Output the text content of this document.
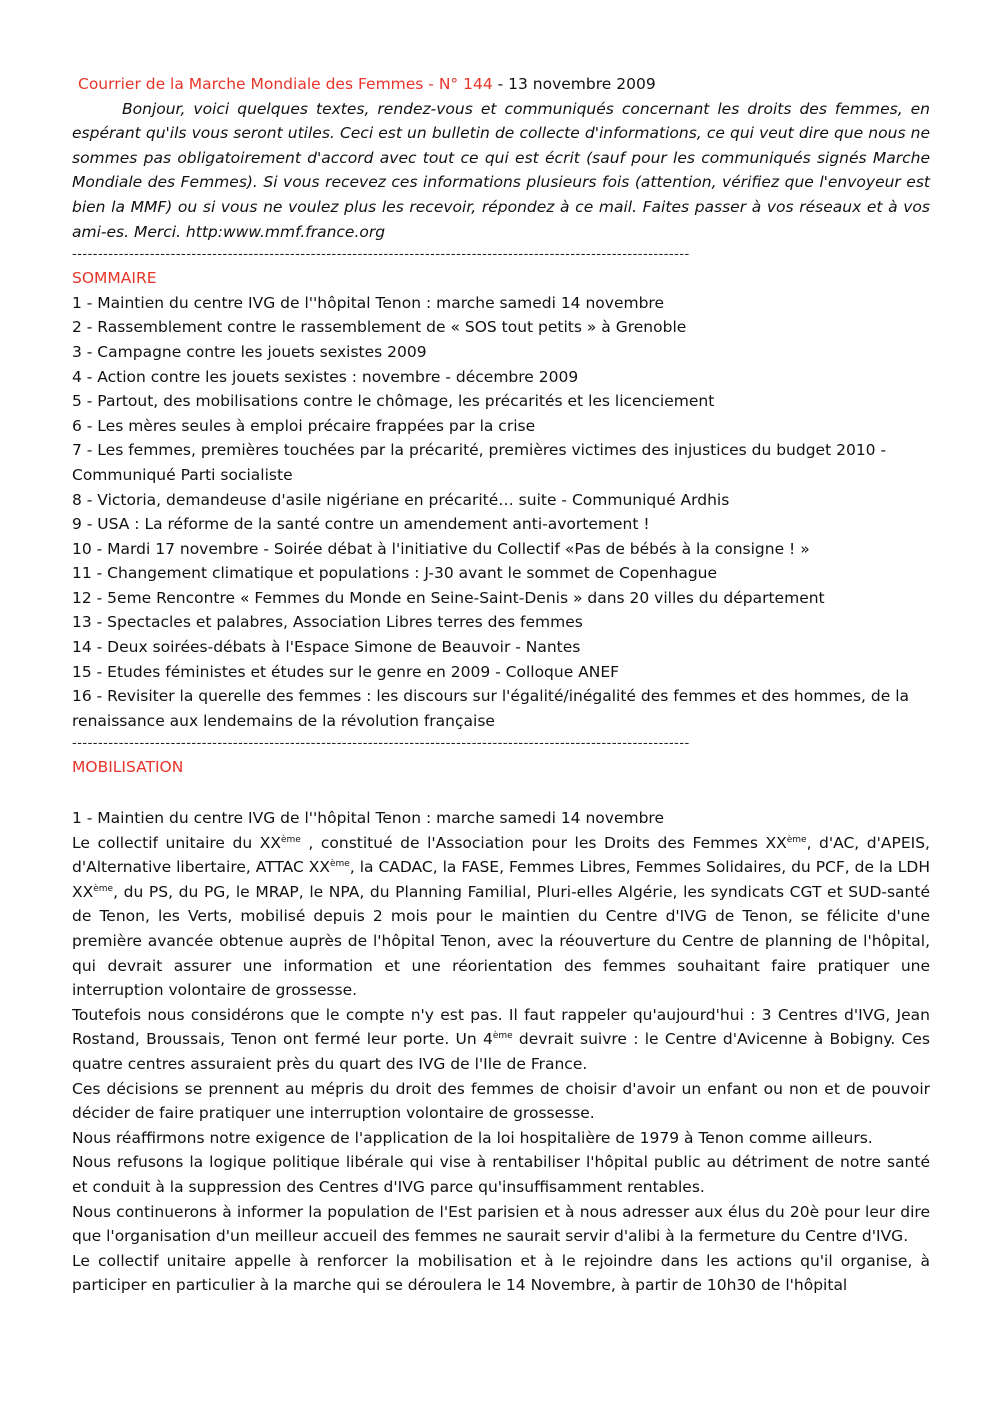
Courrier de la Marche Mondiale des Femmes - N° 144 - 13 novembre 2009

Bonjour, voici quelques textes, rendez-vous et communiqués concernant les droits des femmes, en espérant qu'ils vous seront utiles. Ceci est un bulletin de collecte d'informations, ce qui veut dire que nous ne sommes pas obligatoirement d'accord avec tout ce qui est écrit (sauf pour les communiqués signés Marche Mondiale des Femmes). Si vous recevez ces informations plusieurs fois (attention, vérifiez que l'envoyeur est bien la MMF) ou si vous ne voulez plus les recevoir, répondez à ce mail. Faites passer à vos réseaux et à vos ami-es. Merci. http:www.mmf.france.org

-----------------------------------------------------------------------------------------------------------------------
SOMMAIRE
1 - Maintien du centre IVG de l''hôpital Tenon : marche samedi 14 novembre
2 - Rassemblement contre le rassemblement de « SOS tout petits » à Grenoble
3 - Campagne contre les jouets sexistes 2009
4 - Action contre les jouets sexistes : novembre - décembre 2009
5 - Partout, des mobilisations contre le chômage, les précarités et les licenciement
6 - Les mères seules à emploi précaire frappées par la crise
7 - Les femmes, premières touchées par la précarité, premières victimes des injustices du budget 2010 - Communiqué Parti socialiste
8 - Victoria, demandeuse d'asile nigériane en précarité… suite - Communiqué Ardhis
9 - USA : La réforme de la santé contre un amendement anti-avortement !
10 - Mardi 17 novembre - Soirée débat à l'initiative du Collectif «Pas de bébés à la consigne ! »
11 - Changement climatique et populations : J-30 avant le sommet de Copenhague
12 - 5eme Rencontre « Femmes du Monde en Seine-Saint-Denis » dans 20 villes du département
13 - Spectacles et palabres, Association Libres terres des femmes
14 - Deux soirées-débats à l'Espace Simone de Beauvoir - Nantes
15 - Etudes féministes et études sur le genre en 2009 - Colloque ANEF
16 - Revisiter la querelle des femmes : les discours sur l'égalité/inégalité des femmes et des hommes, de la renaissance aux lendemains de la révolution française
-----------------------------------------------------------------------------------------------------------------------
MOBILISATION

1 - Maintien du centre IVG de l''hôpital Tenon : marche samedi 14 novembre

Le collectif unitaire du XXème , constitué de l'Association pour les Droits des Femmes XXème, d'AC, d'APEIS, d'Alternative libertaire, ATTAC XXème, la CADAC, la FASE, Femmes Libres, Femmes Solidaires, du PCF, de la LDH XXème, du PS, du PG, le MRAP, le NPA, du Planning Familial, Pluri-elles Algérie, les syndicats CGT et SUD-santé de Tenon, les Verts, mobilisé depuis 2 mois pour le maintien du Centre d'IVG de Tenon, se félicite d'une première avancée obtenue auprès de l'hôpital Tenon, avec la réouverture du Centre de planning de l'hôpital, qui devrait assurer une information et une réorientation des femmes souhaitant faire pratiquer une interruption volontaire de grossesse.

Toutefois nous considérons que le compte n'y est pas. Il faut rappeler qu'aujourd'hui : 3 Centres d'IVG, Jean Rostand, Broussais, Tenon ont fermé leur porte. Un 4ème devrait suivre : le Centre d'Avicenne à Bobigny. Ces quatre centres assuraient près du quart des IVG de l'Ile de France.

Ces décisions se prennent au mépris du droit des femmes de choisir d'avoir un enfant ou non et de pouvoir décider de faire pratiquer une interruption volontaire de grossesse.

Nous réaffirmons notre exigence de l'application de la loi hospitalière de 1979 à Tenon comme ailleurs.

Nous refusons la logique politique libérale qui vise à rentabiliser l'hôpital public au détriment de notre santé et conduit à la suppression des Centres d'IVG parce qu'insuffisamment rentables.

Nous continuerons à informer la population de l'Est parisien et à nous adresser aux élus du 20è pour leur dire que l'organisation d'un meilleur accueil des femmes ne saurait servir d'alibi à la fermeture du Centre d'IVG.

Le collectif unitaire appelle à renforcer la mobilisation et à le rejoindre dans les actions qu'il organise, à participer en particulier à la marche qui se déroulera le 14 Novembre, à partir de 10h30 de l'hôpital
